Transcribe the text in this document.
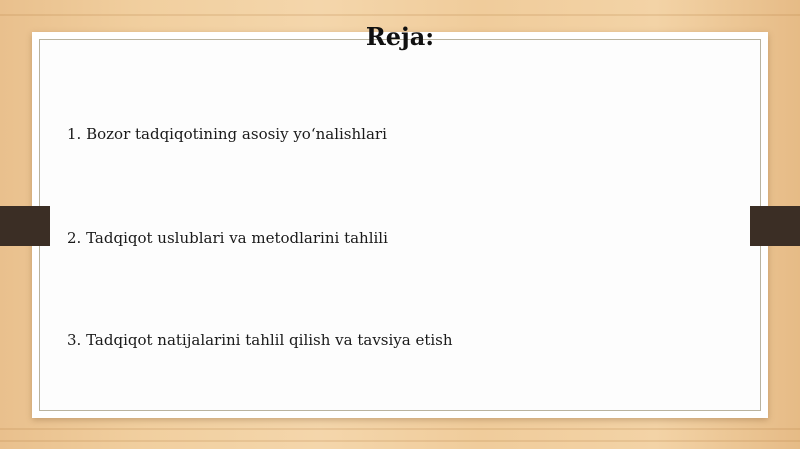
Reja:
1. Bozor tadqiqotining asosiy yo‘nalishlari
2. Tadqiqot uslublari va metodlarini tahlili
3. Tadqiqot natijalarini tahlil qilish va tavsiya etish
